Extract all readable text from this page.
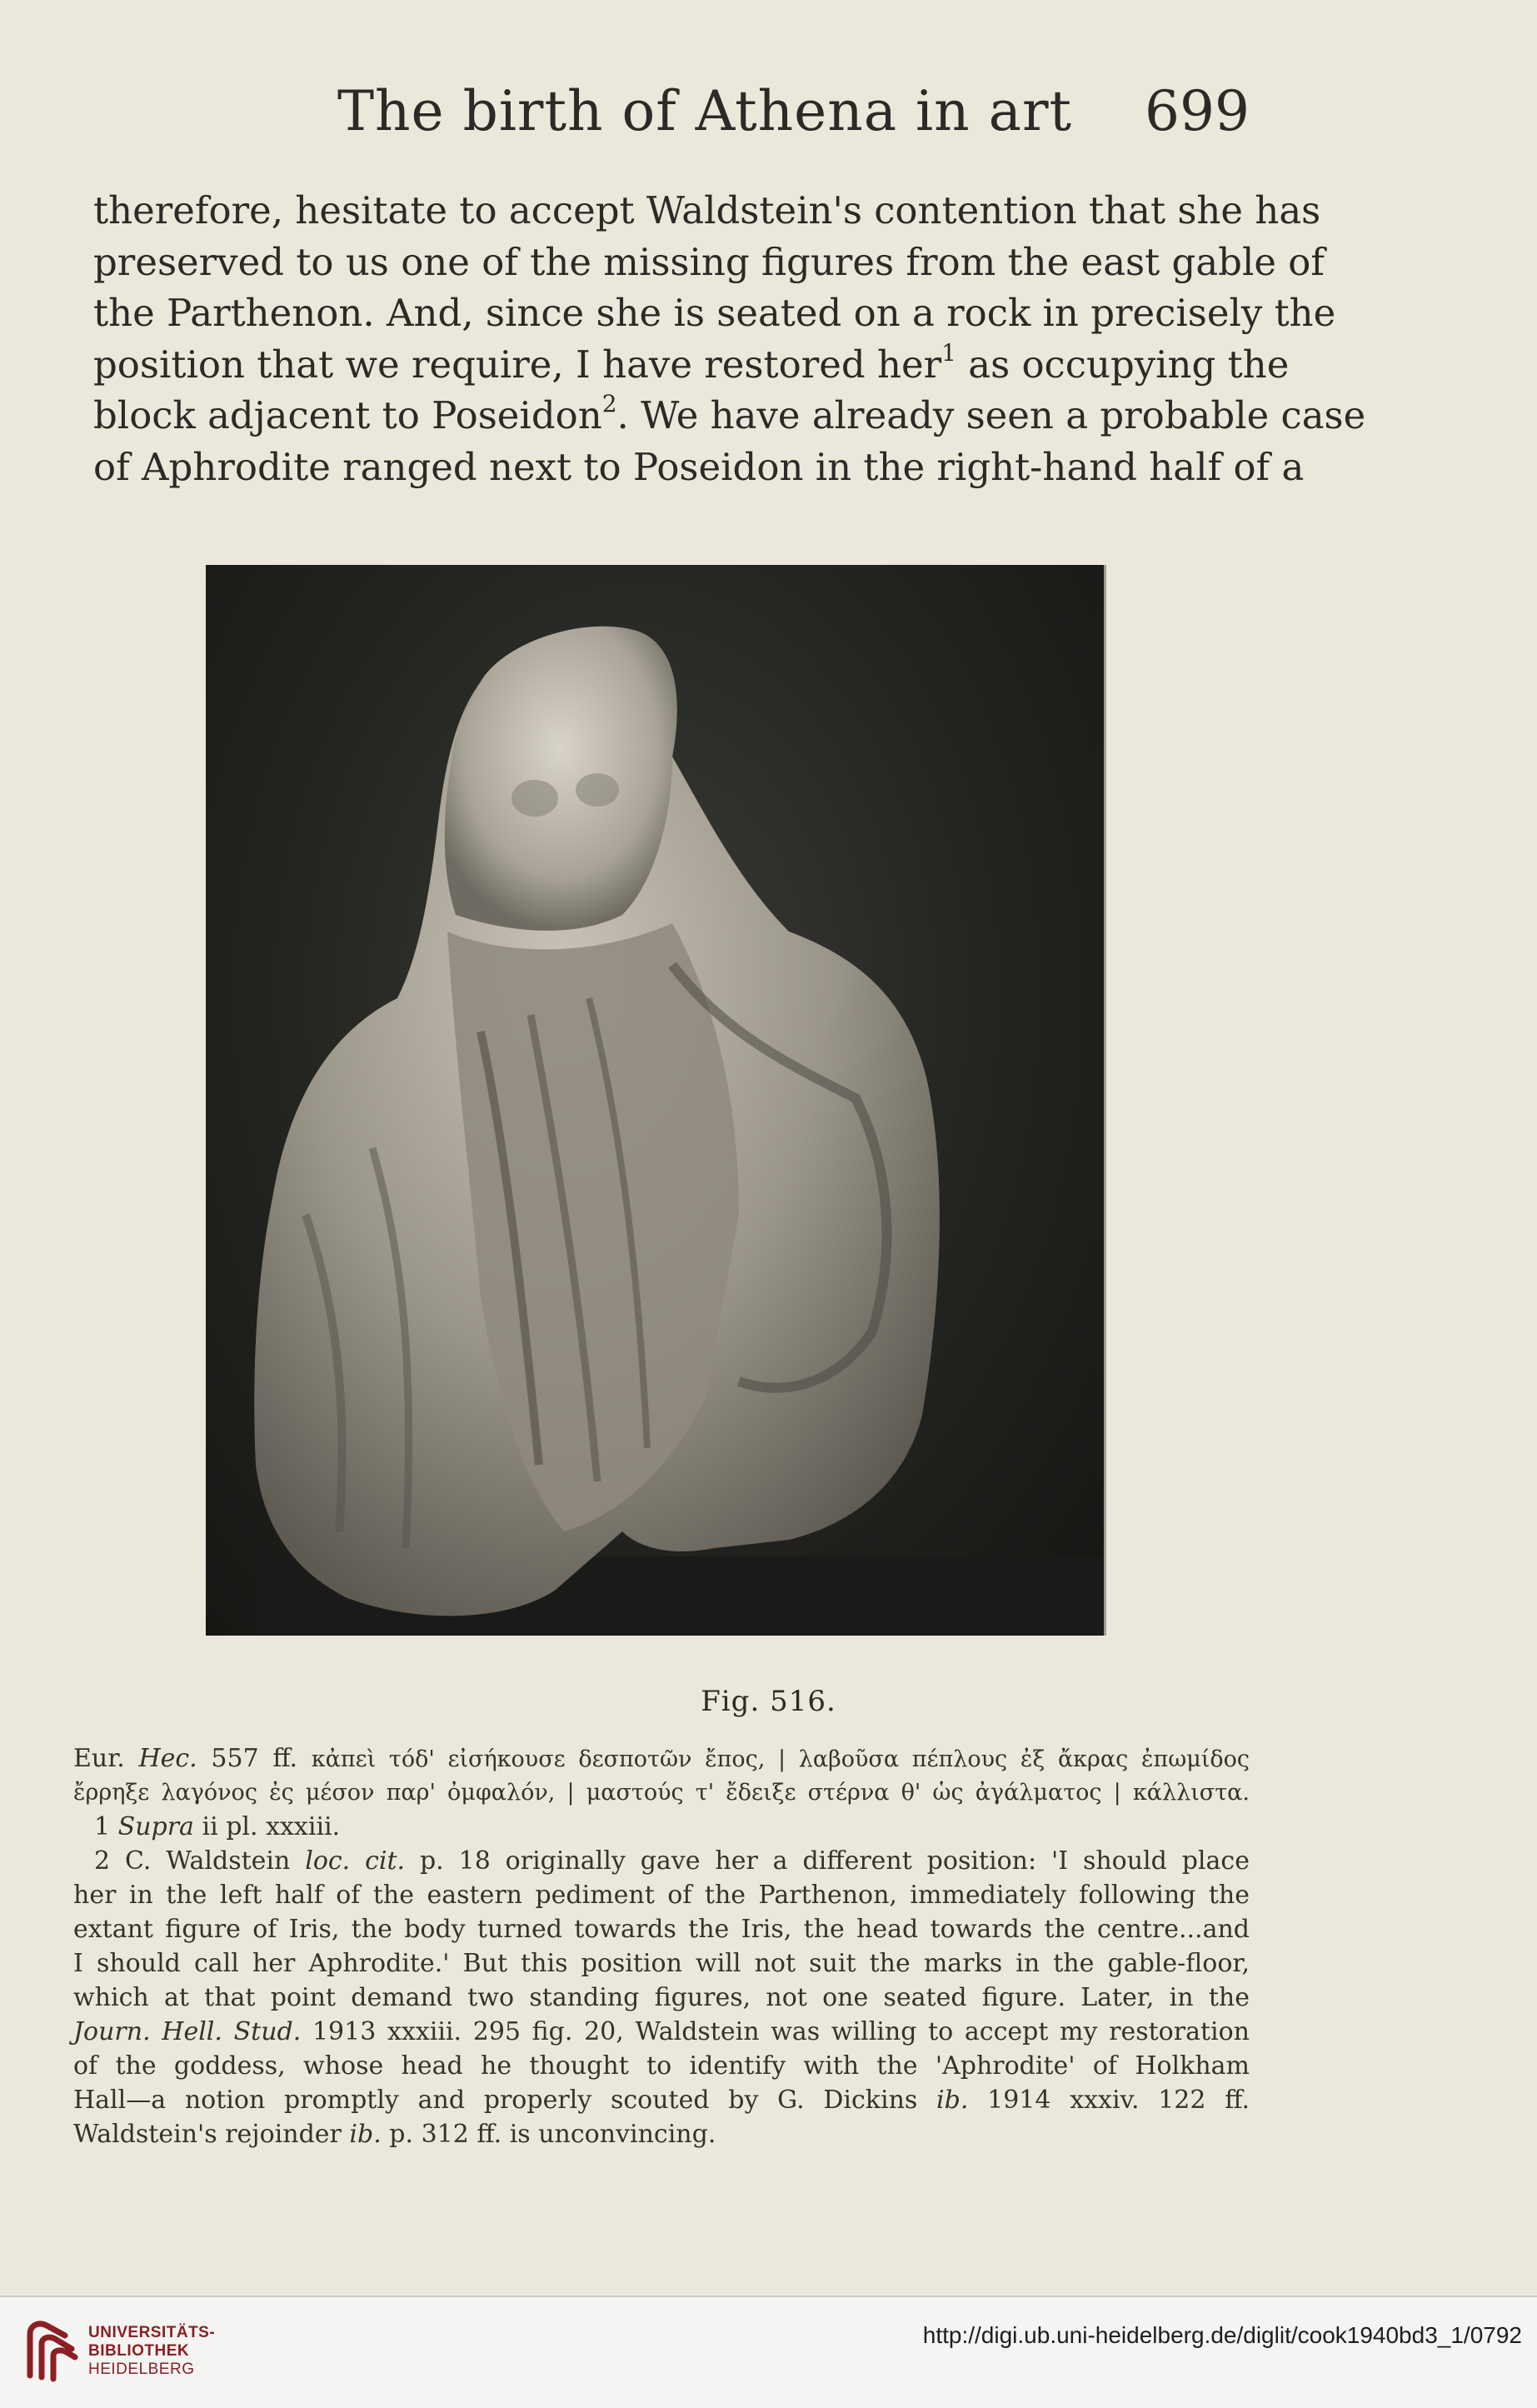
The birth of Athena in art 699
therefore, hesitate to accept Waldstein's contention that she has
preserved to us one of the missing figures from the east gable of
the Parthenon. And, since she is seated on a rock in precisely the
position that we require, I have restored her$^1$ as occupying the
block adjacent to Poseidon$^2$. We have already seen a probable case
of Aphrodite ranged next to Poseidon in the right-hand half of a
Fig. 516.
Eur. Hec. 557 ff. κἀπεὶ τόδ' εἰσήκουσε δεσποτῶν ἔπος, | λαβοῦσα πέπλους ἐξ ἄκρας ἐπωμίδος
ἔρρηξε λαγόνος ἐς μέσον παρ' ὀμφαλόν, | μαστούς τ' ἔδειξε στέρνα θ' ὡς ἀγάλματος | κάλλιστα.
1 Supra ii pl. xxxiii.
2 C. Waldstein loc. cit. p. 18 originally gave her a different position: 'I should place
her in the left half of the eastern pediment of the Parthenon, immediately following the
extant figure of Iris, the body turned towards the Iris, the head towards the centre...and
I should call her Aphrodite.' But this position will not suit the marks in the gable-floor,
which at that point demand two standing figures, not one seated figure. Later, in the
Journ. Hell. Stud. 1913 xxxiii. 295 fig. 20, Waldstein was willing to accept my restoration
of the goddess, whose head he thought to identify with the 'Aphrodite' of Holkham
Hall—a notion promptly and properly scouted by G. Dickins ib. 1914 xxxiv. 122 ff.
Waldstein's rejoinder ib. p. 312 ff. is unconvincing.
UNIVERSITÄTS-
BIBLIOTHEK
HEIDELBERG
http://digi.ub.uni-heidelberg.de/diglit/cook1940bd3_1/0792
